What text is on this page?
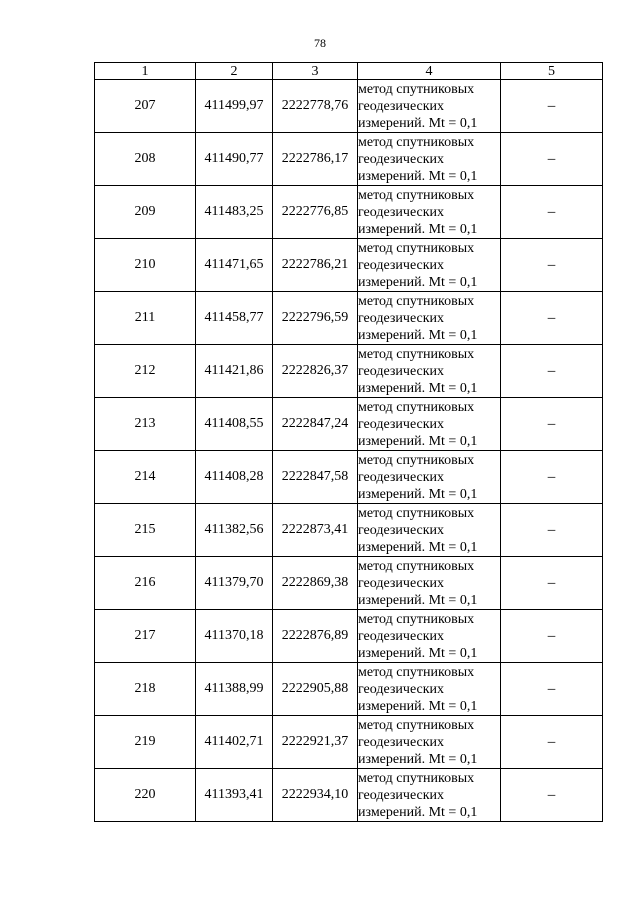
78
1	2	3	4	5
207	411499,97	2222778,76	метод спутниковых
геодезических
измерений. Mt = 0,1	–
208	411490,77	2222786,17	метод спутниковых
геодезических
измерений. Mt = 0,1	–
209	411483,25	2222776,85	метод спутниковых
геодезических
измерений. Mt = 0,1	–
210	411471,65	2222786,21	метод спутниковых
геодезических
измерений. Mt = 0,1	–
211	411458,77	2222796,59	метод спутниковых
геодезических
измерений. Mt = 0,1	–
212	411421,86	2222826,37	метод спутниковых
геодезических
измерений. Mt = 0,1	–
213	411408,55	2222847,24	метод спутниковых
геодезических
измерений. Mt = 0,1	–
214	411408,28	2222847,58	метод спутниковых
геодезических
измерений. Mt = 0,1	–
215	411382,56	2222873,41	метод спутниковых
геодезических
измерений. Mt = 0,1	–
216	411379,70	2222869,38	метод спутниковых
геодезических
измерений. Mt = 0,1	–
217	411370,18	2222876,89	метод спутниковых
геодезических
измерений. Mt = 0,1	–
218	411388,99	2222905,88	метод спутниковых
геодезических
измерений. Mt = 0,1	–
219	411402,71	2222921,37	метод спутниковых
геодезических
измерений. Mt = 0,1	–
220	411393,41	2222934,10	метод спутниковых
геодезических
измерений. Mt = 0,1	–
